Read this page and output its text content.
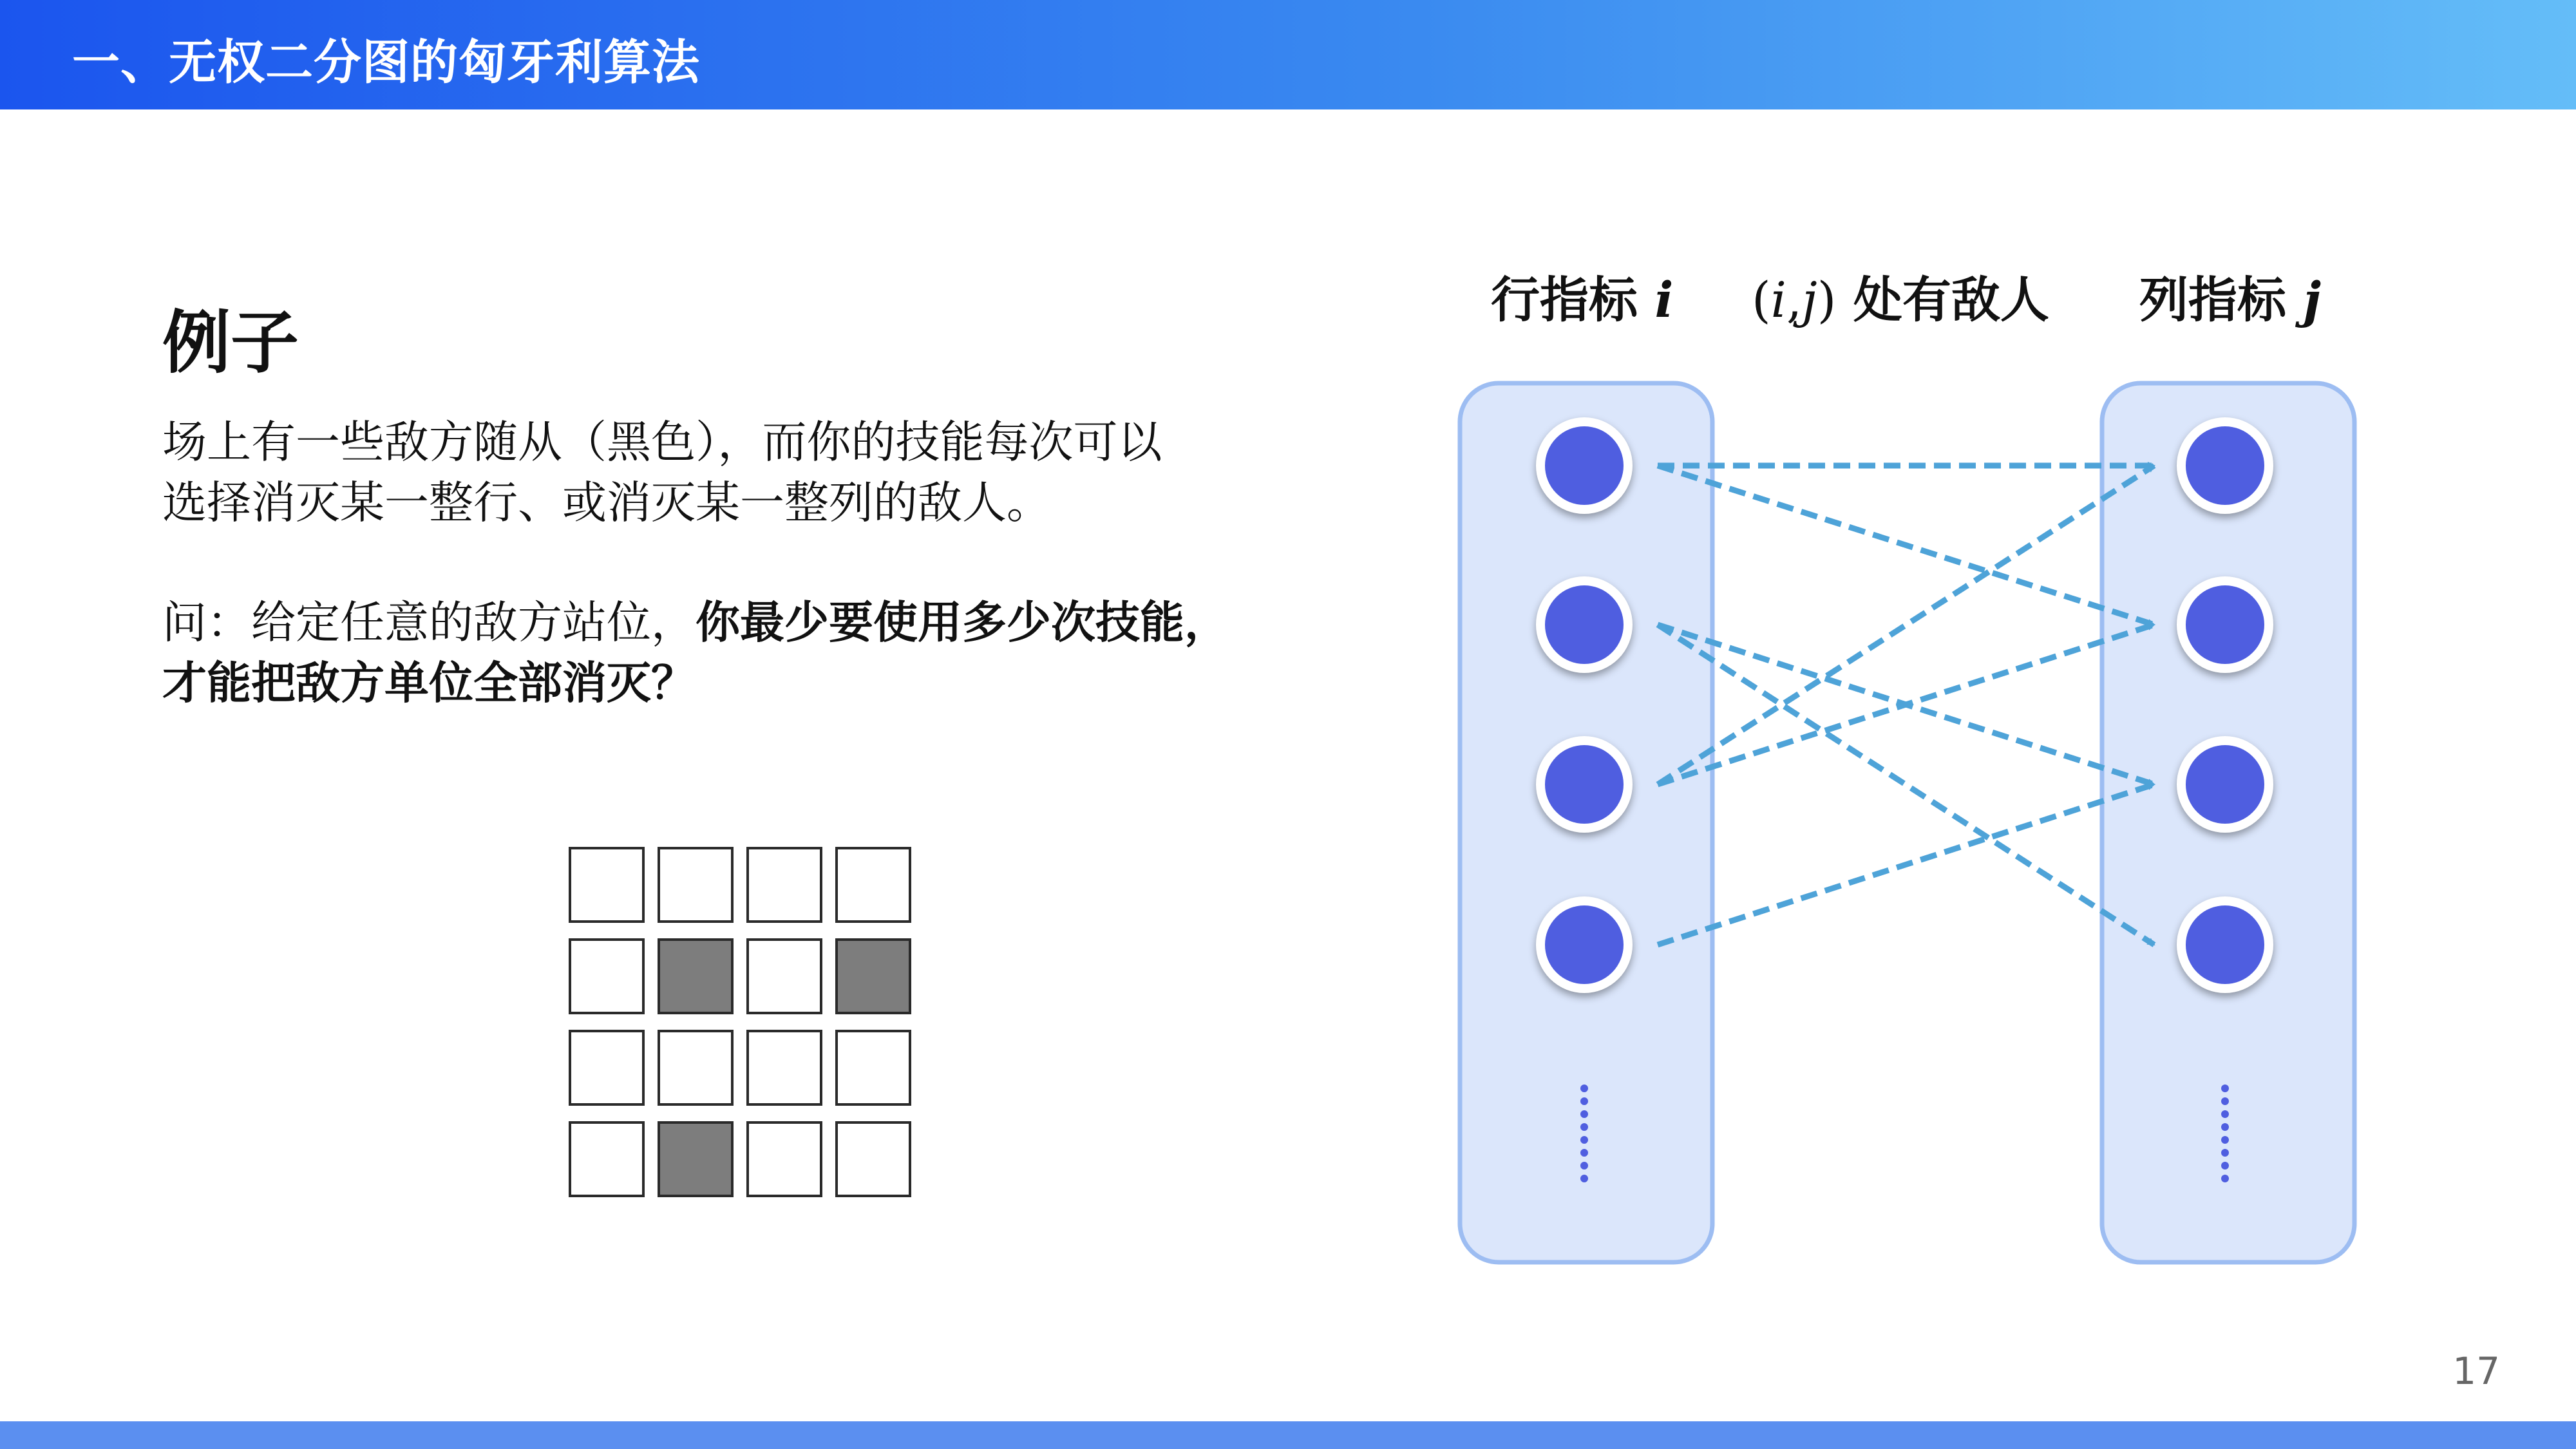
一、无权二分图的匈牙利算法
例子
场上有一些敌方随从（黑色），而你的技能每次可以
选择消灭某一整行、或消灭某一整列的敌人。
问：给定任意的敌方站位，你最少要使用多少次技能，
才能把敌方单位全部消灭？
行指标 i (i,j) 处有敌人 列指标 j
17
